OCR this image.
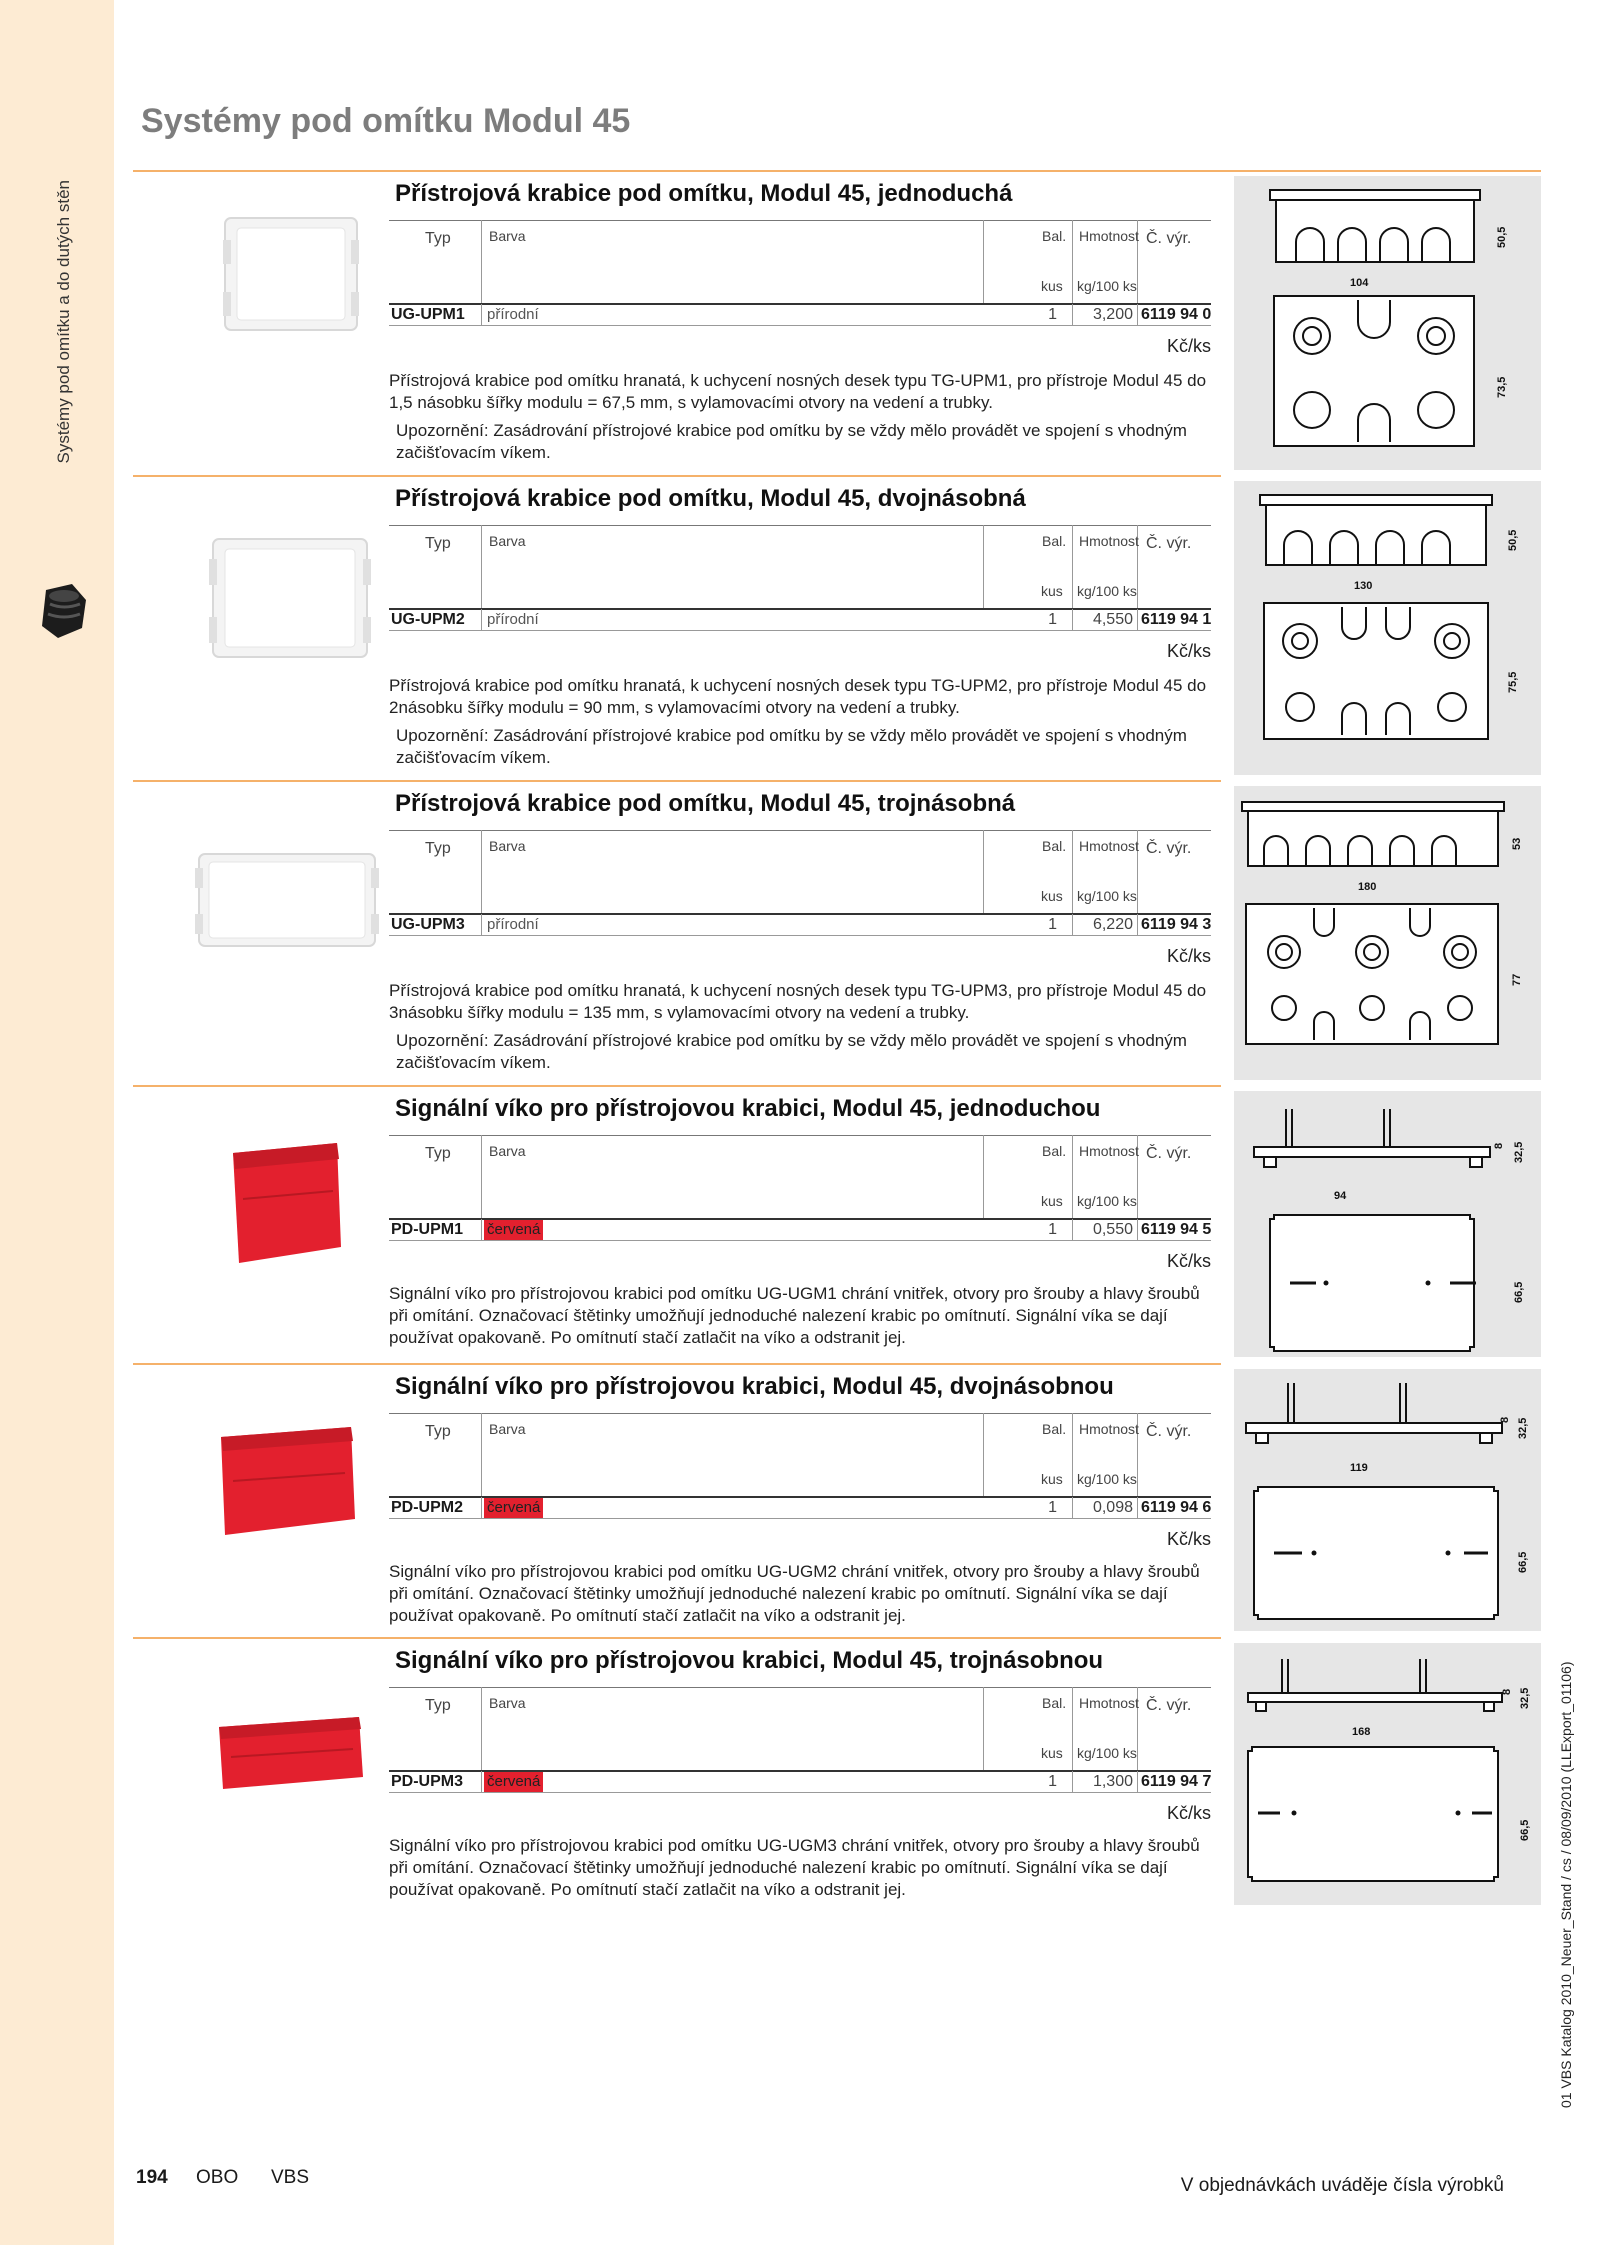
Systémy pod omítku a do dutých stěn
Systémy pod omítku Modul 45
Přístrojová krabice pod omítku, Modul 45, jednoduchá
Typ	Barva	Bal. Hmotnost Č. výr.
kus kg/100 ks
UG-UPM1	přírodní	1	3,200 6119 94 0
Kč/ks
Přístrojová krabice pod omítku hranatá, k uchycení nosných desek typu TG-UPM1, pro přístroje Modul 45 do 1,5 násobku šířky modulu = 67,5 mm, s vylamovacími otvory na vedení a trubky.
Upozornění: Zasádrování přístrojové krabice pod omítku by se vždy mělo provádět ve spojení s vhodným začišťovacím víkem.
50,5
104
73,5
Přístrojová krabice pod omítku, Modul 45, dvojnásobná
Typ	Barva	Bal. Hmotnost Č. výr.
kus kg/100 ks
UG-UPM2	přírodní	1	4,550 6119 94 1
Kč/ks
Přístrojová krabice pod omítku hranatá, k uchycení nosných desek typu TG-UPM2, pro přístroje Modul 45 do 2násobku šířky modulu = 90 mm, s vylamovacími otvory na vedení a trubky.
Upozornění: Zasádrování přístrojové krabice pod omítku by se vždy mělo provádět ve spojení s vhodným začišťovacím víkem.
50,5
130
75,5
Přístrojová krabice pod omítku, Modul 45, trojnásobná
Typ	Barva	Bal. Hmotnost Č. výr.
kus kg/100 ks
UG-UPM3	přírodní	1	6,220 6119 94 3
Kč/ks
Přístrojová krabice pod omítku hranatá, k uchycení nosných desek typu TG-UPM3, pro přístroje Modul 45 do 3násobku šířky modulu = 135 mm, s vylamovacími otvory na vedení a trubky.
Upozornění: Zasádrování přístrojové krabice pod omítku by se vždy mělo provádět ve spojení s vhodným začišťovacím víkem.
53
180
77
Signální víko pro přístrojovou krabici, Modul 45, jednoduchou
Typ	Barva	Bal. Hmotnost Č. výr.
kus kg/100 ks
PD-UPM1	červená	1	0,550 6119 94 5
Kč/ks
Signální víko pro přístrojovou krabici pod omítku UG-UGM1 chrání vnitřek, otvory pro šrouby a hlavy šroubů při omítání. Označovací štětinky umožňují jednoduché nalezení krabic po omítnutí. Signální víka se dají používat opakovaně. Po omítnutí stačí zatlačit na víko a odstranit jej.
8 32,5
94
66,5
Signální víko pro přístrojovou krabici, Modul 45, dvojnásobnou
Typ	Barva	Bal. Hmotnost Č. výr.
kus kg/100 ks
PD-UPM2	červená	1	0,098 6119 94 6
Kč/ks
Signální víko pro přístrojovou krabici pod omítku UG-UGM2 chrání vnitřek, otvory pro šrouby a hlavy šroubů při omítání. Označovací štětinky umožňují jednoduché nalezení krabic po omítnutí. Signální víka se dají používat opakovaně. Po omítnutí stačí zatlačit na víko a odstranit jej.
8 32,5
119
66,5
Signální víko pro přístrojovou krabici, Modul 45, trojnásobnou
Typ	Barva	Bal. Hmotnost Č. výr.
kus kg/100 ks
PD-UPM3	červená	1	1,300 6119 94 7
Kč/ks
Signální víko pro přístrojovou krabici pod omítku UG-UGM3 chrání vnitřek, otvory pro šrouby a hlavy šroubů při omítání. Označovací štětinky umožňují jednoduché nalezení krabic po omítnutí. Signální víka se dají používat opakovaně. Po omítnutí stačí zatlačit na víko a odstranit jej.
8 32,5
168
66,5 01 VBS Katalog 2010_Neuer_Stand / cs / 08/09/2010 (LLExport_01106)
194 OBO VBS	V objednávkách uváděje čísla výrobků
